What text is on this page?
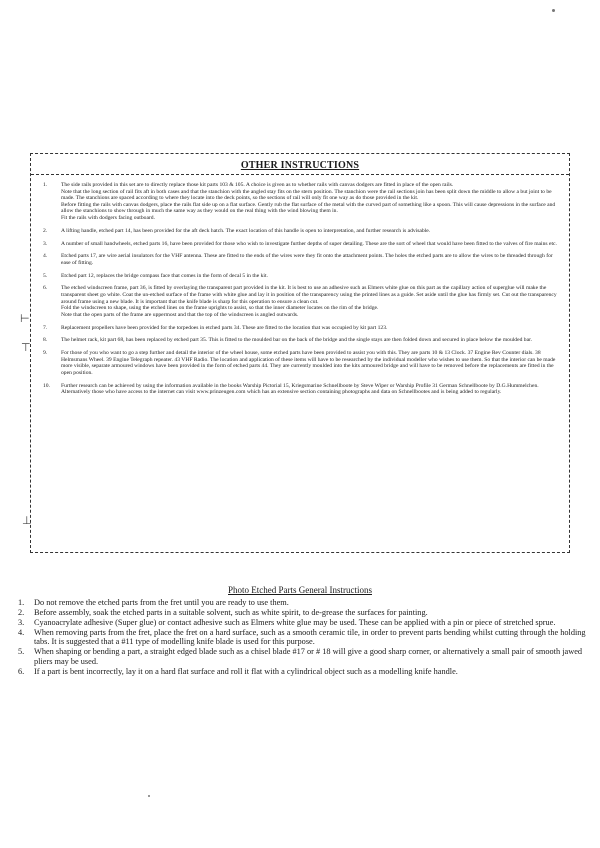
OTHER INSTRUCTIONS
1.	The side rails provided in this set are to directly replace those kit parts 103 & 105. A choice is given as to whether rails with canvas dodgers are fitted in place of the open rails.
Note that the long section of rail fits aft in both cases and that the stanchion with the angled stay fits on the stern position. The stanchion were the rail sections join has been split down the middle to allow a but joint to be made. The stanchions are spaced according to where they locate into the deck points, so the sections of rail will only fit one way as do those provided in the kit.
Before fitting the rails with canvas dodgers, place the rails flat side up on a flat surface. Gently rub the flat surface of the metal with the curved part of something like a spoon. This will cause depressions in the surface and allow the stanchions to show through in much the same way as they would on the real thing with the wind blowing them in.
Fit the rails with dodgers facing outboard.
2.	A lifting handle, etched part 14, has been provided for the aft deck hatch. The exact location of this handle is open to interpretation, and further research is advisable.
3.	A number of small handwheels, etched parts 16, have been provided for those who wish to investigate further depths of super detailing. These are the sort of wheel that would have been fitted to the valves of fire mains etc.
4.	Etched parts 17, are wire aerial insulators for the VHF antenna. These are fitted to the ends of the wires were they fit onto the attachment points. The holes the etched parts are to allow the wires to be threaded through for ease of fitting.
5.	Etched part 12, replaces the bridge compass face that comes in the form of decal 5 in the kit.
6.	The etched windscreen frame, part 36, is fitted by overlaying the transparent part provided in the kit. It is best to use an adhesive such as Elmers white glue on this part as the capillary action of superglue will make the transparent sheet go white. Coat the un-etched surface of the frame with white glue and lay it in position of the transparency using the printed lines as a guide. Set aside until the glue has firmly set. Cut out the transparency around frame using a new blade. It is important that the knife blade is sharp for this operation to ensure a clean cut.
Fold the windscreen to shape, using the etched lines on the frame uprights to assist, so that the inner diameter locates on the rim of the bridge.
Note that the open parts of the frame are uppermost and that the top of the windscreen is angled outwards.
7.	Replacement propellers have been provided for the torpedoes in etched parts 34. These are fitted to the location that was occupied by kit part 123.
8.	The helmet rack, kit part 68, has been replaced by etched part 35. This is fitted to the moulded bar on the back of the bridge and the single stays are then folded down and secured in place below the moulded bar.
9.	For those of you who want to go a step further and detail the interior of the wheel house, some etched parts have been provided to assist you with this. They are parts 10 & 13 Clock. 37 Engine Rev Counter dials. 38 Helmsmans Wheel. 39 Engine Telegraph repeater. 43 VHF Radio. The location and application of these items will have to be researched by the individual modeller who wishes to use them. So that the interior can be made more visible, separate armoured windows have been provided in the form of etched parts 44. They are currently moulded into the kits armoured bridge and will have to be removed before the replacements are fitted in the open position.
10.	Further research can be achieved by using the information available in the books Warship Pictorial 15, Kriegsmarine Schnellboote by Steve Wiper or Warship Profile 31 German Schnellboote by D.G.Hummelchen. Alternatively those who have access to the internet can visit www.prinzeugen.com which has an extensive section containing photographs and data on Schnellbootes and is being added to regularly.
⊢
⊤
⊥
Photo Etched Parts General Instructions
1.	Do not remove the etched parts from the fret until you are ready to use them.
2.	Before assembly, soak the etched parts in a suitable solvent, such as white spirit, to de-grease the surfaces for painting.
3.	Cyanoacrylate adhesive (Super glue) or contact adhesive such as Elmers white glue may be used. These can be applied with a pin or piece of stretched sprue.
4.	When removing parts from the fret, place the fret on a hard surface, such as a smooth ceramic tile, in order to prevent parts bending whilst cutting through the holding tabs. It is suggested that a #11 type of modelling knife blade is used for this purpose.
5.	When shaping or bending a part, a straight edged blade such as a chisel blade #17 or # 18 will give a good sharp corner, or alternatively a small pair of smooth jawed pliers may be used.
6.	If a part is bent incorrectly, lay it on a hard flat surface and roll it flat with a cylindrical object such as a modelling knife handle.
